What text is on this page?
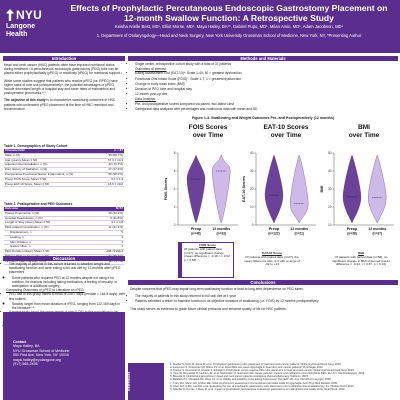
NYU
Langone
Health
Effects of Prophylactic Percutaneous Endoscopic Gastrostomy Placement on
12-month Swallow Function: A Retrospective Study
Keisha Arielle Best, MS¹, Elliot Morse, MD¹, Maya Hatley, BA¹*, Gabriel Pupo, MD¹, Milan Amin, MD¹, Adam Jacobson, MD¹
1. Department of Otolaryngology—Head and Neck Surgery, New York University Grossman School of Medicine, New York, NY, *Presenting Author
Introduction

Head and neck cancer (HNC) patients often have impaired nutritional status during treatment.¹ A percutaneous endoscopic gastrostomy (PEG) tube can be placed either prophylactically (pPEG) or reactively (rPEG) for nutritional support.²

While some studies suggest that patients who receive pPEG (vs. RPEG) have higher rates of tube use postoperatively³, the potential advantages of pPEG include decreased length of hospital stay and lower rates of malnutrition and postoperative pneumonia.⁴·⁵

The objective of this study is to characterize swallowing outcomes of HNC patients who underwent pPEG placement at the time of HNC resection and reconstruction.

Methods and Materials
• Single center, retrospective cohort study with a total of 37 patients
Outcomes of Interest:
• Eating Assessment Tool (EAT-10)⁶: Scale 1-40, 40 = greatest dysfunction
• Functional Oral Intake Scale (FOIS)⁷: Scale 1-7, 1 = greatest dysfunction
• Change in body mass index (BMI)
• Duration of PEG tube and hospital stay
• 12-month post-op diet
Data Analysis:
• Pre- and postoperative scores compared via paired, two-tailed t-test
• Categorical data analyzed with percentages and continuous data with mean and SD
Table 1. Demographics of Study Cohort
Characteristic	n = 37
Male, n (%)	35 (68.7%)
Age (years), Mean ± SD	67.3 ± 14.3
Adjuvant Chemoradiation, n (%)	42 (73.7%)
Prior History of Radiation, n (%)	27 (47.4%)
Preoperative Functional Status: Independent, n (%)	56 (98.2%)
Preop FOIS Score, Mean ± SD	5.1 ± 1.9
Preop EAT-10 Score, Mean ± SD	16.6 ± 10.0
Table 2. Postoperative and PEG Outcomes
Outcome	N=57
Postop Pneumonia, n (%)	15 (43.2%)
Hospital Readmission, n (%)	9 (11.8%)
Length of Stay (days), Mean ± SD	9.1 ± 4.8
PEG-related Complication, n (%)	11 (21.1%)
Displacement, n	5
Leaking, n	3
Skin Irritation, n	2
Gastric Ulcer, n	1
PEG Duration (days), Mean ± SD	208.7±199.4

Figure 1-3. Swallowing and Weight Outcomes Pre- and Postoperatively (12 months)
FOIS Scores
over Time
FOIS Scores
0
2
4
6
8
Preop
(n=48)
12 months
(n=33)
EAT-10 Scores
over Time
EAT-10 Scores
0
10
20
30
40
Preop
(n=122)
12 months
(n=21)
BMI
over Time
BMI
10
20
30
40
50
Preop
(n=38)
12 months
(n=37)
FOIS Score
Of patients with paired data (n=27), no significant change (mean difference = -0.18, t = 0.52, p = 0.53)
EAT-10 Score
Of patients with paired data (n=27), the mean difference was -0.4 with a range of -32 to +14
BMI
Of patients with paired data (n=58), no significant change in BMI observed (mean difference = -0.24, t = 0.67, p = 0.10)
Discussion
• The majority of patients in this cohort returned to baseline weight and swallowing function and were eating a full oral diet by 12-months after pPEG placement
◦ Some patients who required PEG at 12 months despite not using it for nutrition, for reasons including taking medication, a feeling of security, or anticipation of additional surgery
Comparing Outcomes of pPEG to Literature on rPEG:
• PEG use in this group lasted a mean of 208.7 days (median = 164.5 days), with few outliers
◦ Notably longer than mean duration of rPEG, ranging from 122-169 days in the literature⁸·⁹
•
◦
Conclusions

Despite concerns that pPEG may impair long-term swallowing function or lead to long-term dependence on PEG tubes:

• The majority of patients in this study returned to full oral diet at 1 year
• Patients exhibited a return to baseline function in as objective measure of swallowing (i.e. FOIS) by 12 months postoperatively

This study serves as evidence to guide future clinical protocols and enhance quality of life for HNC patients.

Contact
Maya Hatley, BA
NYU Grossman School of Medicine
550 First Ave, New York, NY 10016
maya.hatley@nyulangone.org
(917) 565-2436
References
1. Mueller S, Gitlin M, Aiona M, et al. Prophylactic gastrostomy tube placement in head and neck cancer patients. Otolaryngol Head Neck Surg. 2015.
2. Langmore S, Krisciunas GP, Miloro KV, et al. Does PEG use cause dysphagia in head and neck cancer patients? Dysphagia. 2012.
3. Kramer S, Newcomb M, Hessler J, Siddiqui F. Prophylactic versus reactive PEG tube placement in head and neck cancer. Otolaryngol Head Neck Surg. 2014.
4. Yanni A, Dequanter D, Lechien JR, et al. Malnutrition in head and neck cancer patients: impacts and indications of a prophylactic PEG. Eur Ann Otorhinolaryngol. 2019.
5. Bossola M. Nutritional interventions in head and neck cancer patients undergoing chemoradiotherapy. Nutrients. 2015.
6. Belafsky PC, Mouadeb DA, Rees CJ, et al. Validity and reliability of the Eating Assessment Tool (EAT-10). Ann Otol Rhinol Laryngol. 2008.
7. Crary MA, Mann GD, Groher ME. Initial psychometric assessment of a functional oral intake scale for dysphagia. Arch Phys Med Rehabil. 2005.
8. Chen AM, Li BQ, Lau DH, et al. Evaluating the role of prophylactic gastrostomy tube placement prior to definitive chemoradiotherapy. Int J Radiat Oncol. 2010.
9. Silander E, Nyman J, Bove M, et al. Impact of prophylactic percutaneous endoscopic gastrostomy on malnutrition and quality of life. Head Neck. 2012.
